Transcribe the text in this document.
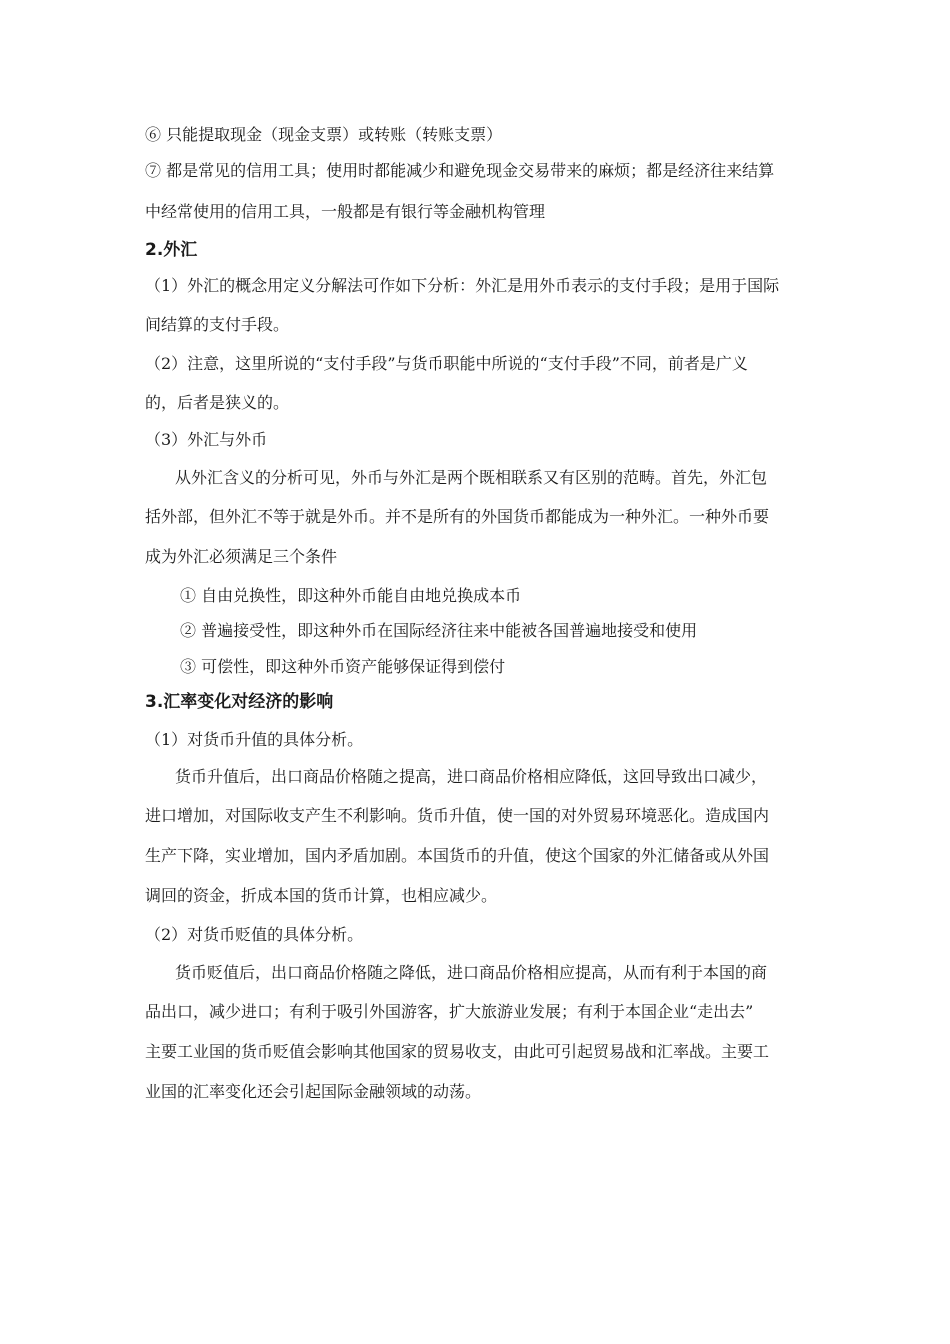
⑥ 只能提取现金（现金支票）或转账（转账支票）
⑦ 都是常见的信用工具；使用时都能减少和避免现金交易带来的麻烦；都是经济往来结算
中经常使用的信用工具，一般都是有银行等金融机构管理
2.外汇
（1）外汇的概念用定义分解法可作如下分析：外汇是用外币表示的支付手段；是用于国际
间结算的支付手段。
（2）注意，这里所说的“支付手段”与货币职能中所说的“支付手段”不同，前者是广义
的，后者是狭义的。
（3）外汇与外币
从外汇含义的分析可见，外币与外汇是两个既相联系又有区别的范畴。首先，外汇包
括外部，但外汇不等于就是外币。并不是所有的外国货币都能成为一种外汇。一种外币要
成为外汇必须满足三个条件
① 自由兑换性，即这种外币能自由地兑换成本币
② 普遍接受性，即这种外币在国际经济往来中能被各国普遍地接受和使用
③ 可偿性，即这种外币资产能够保证得到偿付
3.汇率变化对经济的影响
（1）对货币升值的具体分析。
货币升值后，出口商品价格随之提高，进口商品价格相应降低，这回导致出口减少，
进口增加，对国际收支产生不利影响。货币升值，使一国的对外贸易环境恶化。造成国内
生产下降，实业增加，国内矛盾加剧。本国货币的升值，使这个国家的外汇储备或从外国
调回的资金，折成本国的货币计算，也相应减少。
（2）对货币贬值的具体分析。
货币贬值后，出口商品价格随之降低，进口商品价格相应提高，从而有利于本国的商
品出口，减少进口；有利于吸引外国游客，扩大旅游业发展；有利于本国企业“走出去”
主要工业国的货币贬值会影响其他国家的贸易收支，由此可引起贸易战和汇率战。主要工
业国的汇率变化还会引起国际金融领域的动荡。
